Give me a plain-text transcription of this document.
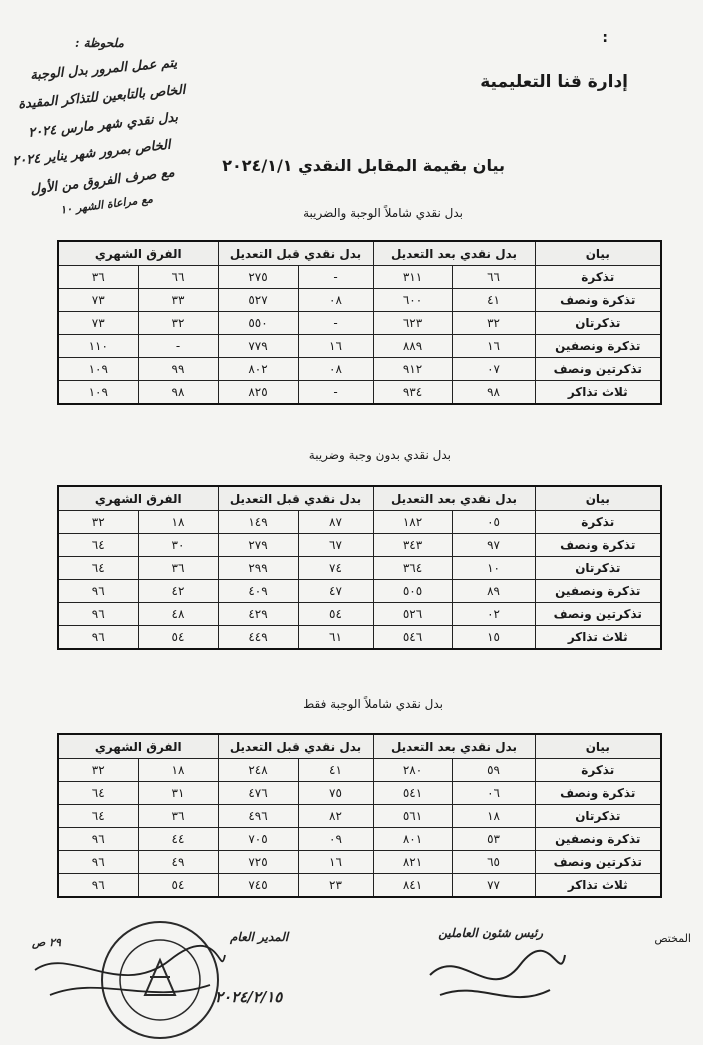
:
إدارة قنا التعليمية
بيان بقيمة المقابل النقدي ٢٠٢٤/١/١
ملحوظة :
يتم عمل المرور بدل الوجبة
الخاص بالتابعين للتذاكر المقيدة
بدل نقدي شهر مارس ٢٠٢٤
الخاص بمرور شهر يناير ٢٠٢٤
مع صرف الفروق من الأول
مع مراعاة الشهر ١٠	بدل نقدي شاملاً الوجبة والضريبة
بيان	بدل نقدي بعد التعديل		بدل نقدي قبل التعديل		الفرق الشهري	
تذكرة	٦٦	٣١١	-	٢٧٥	٦٦	٣٦
تذكرة ونصف	٤١	٦٠٠	٠٨	٥٢٧	٣٣	٧٣
تذكرتان	٣٢	٦٢٣	-	٥٥٠	٣٢	٧٣
تذكرة ونصفين	١٦	٨٨٩	١٦	٧٧٩	-	١١٠
تذكرتين ونصف	٠٧	٩١٢	٠٨	٨٠٢	٩٩	١٠٩
ثلاث تذاكر	٩٨	٩٣٤	-	٨٢٥	٩٨	١٠٩
بدل نقدي بدون وجبة وضريبة
بيان	بدل نقدي بعد التعديل		بدل نقدي قبل التعديل		الفرق الشهري	
تذكرة	٠٥	١٨٢	٨٧	١٤٩	١٨	٣٢
تذكرة ونصف	٩٧	٣٤٣	٦٧	٢٧٩	٣٠	٦٤
تذكرتان	١٠	٣٦٤	٧٤	٢٩٩	٣٦	٦٤
تذكرة ونصفين	٨٩	٥٠٥	٤٧	٤٠٩	٤٢	٩٦
تذكرتين ونصف	٠٢	٥٢٦	٥٤	٤٢٩	٤٨	٩٦
ثلاث تذاكر	١٥	٥٤٦	٦١	٤٤٩	٥٤	٩٦
بدل نقدي شاملاً الوجبة فقط
بيان	بدل نقدي بعد التعديل		بدل نقدي قبل التعديل		الفرق الشهري	
تذكرة	٥٩	٢٨٠	٤١	٢٤٨	١٨	٣٢
تذكرة ونصف	٠٦	٥٤١	٧٥	٤٧٦	٣١	٦٤
تذكرتان	١٨	٥٦١	٨٢	٤٩٦	٣٦	٦٤
تذكرة ونصفين	٥٣	٨٠١	٠٩	٧٠٥	٤٤	٩٦
تذكرتين ونصف	٦٥	٨٢١	١٦	٧٢٥	٤٩	٩٦
ثلاث تذاكر	٧٧	٨٤١	٢٣	٧٤٥	٥٤	٩٦
المختص
رئيس شئون العاملين
المدير العام
٢٠٢٤/٢/١٥
٢٩ ص
